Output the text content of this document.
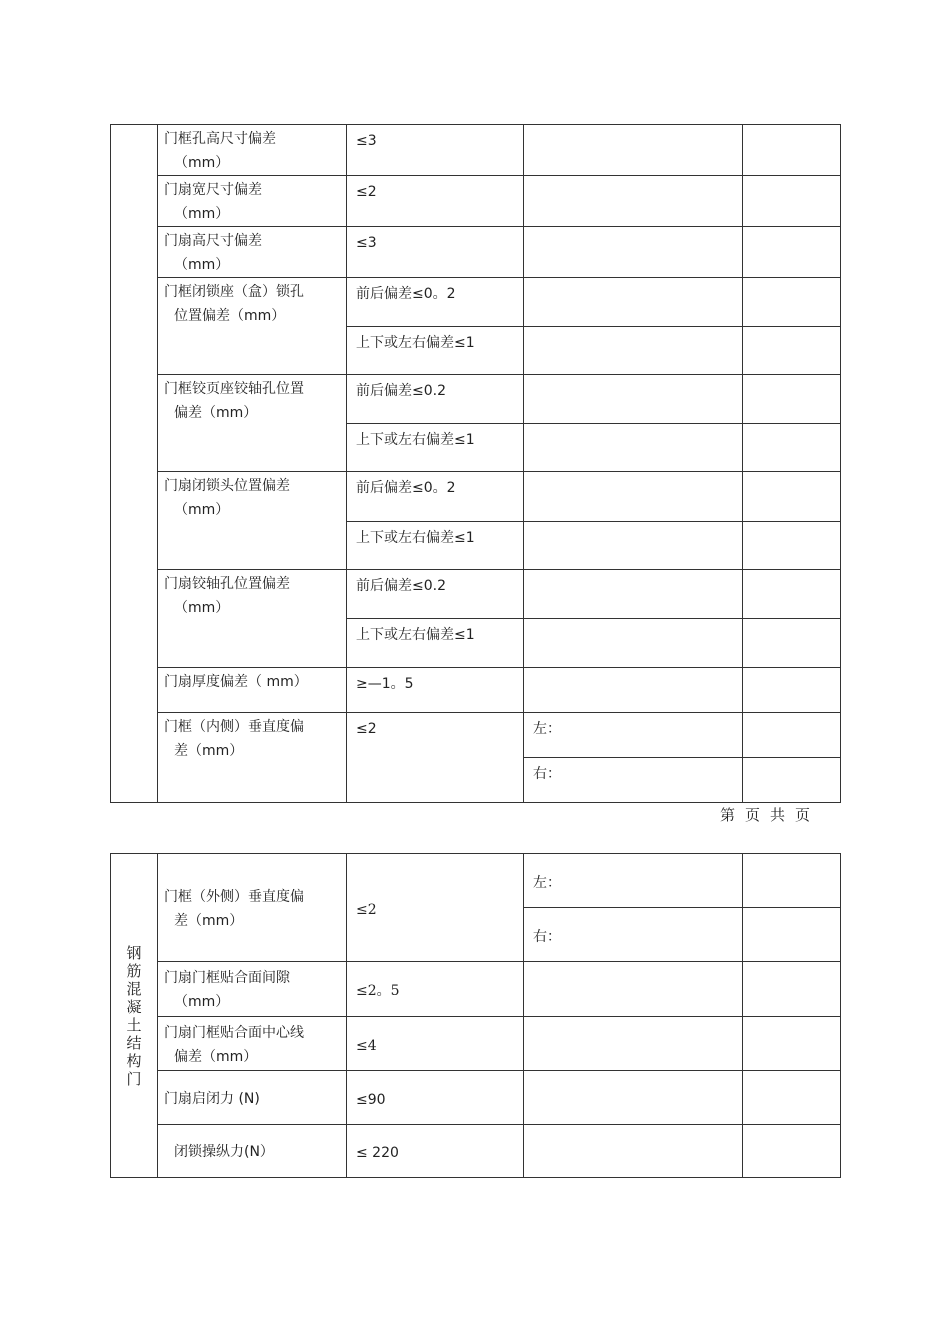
	门框孔高尺寸偏差
（mm）	≤3		

	门扇宽尺寸偏差
（mm）	≤2		

	门扇高尺寸偏差
（mm）	≤3		

	门框闭锁座（盒）锁孔
位置偏差（mm）	前后偏差≤0。2		
		上下或左右偏差≤1		

	门框铰页座铰轴孔位置
偏差（mm）	前后偏差≤0.2		
		上下或左右偏差≤1		

	门扇闭锁头位置偏差
（mm）	前后偏差≤0。2		
		上下或左右偏差≤1		

	门扇铰轴孔位置偏差
（mm）	前后偏差≤0.2		
		上下或左右偏差≤1		

	门扇厚度偏差（ mm）	≥—1。5		

	门框（内侧）垂直度偏
差（mm）	≤2	左：	
			右：	
第 页 共 页
钢筋混凝土结构门	门框（外侧）垂直度偏
差（mm）	≤2	左：	
			右：	

	门扇门框贴合面间隙
（mm）	≤2。5		

	门扇门框贴合面中心线
偏差（mm）	≤4		

	门扇启闭力 (N)	≤90		

	闭锁操纵力(N）	≤ 220		
